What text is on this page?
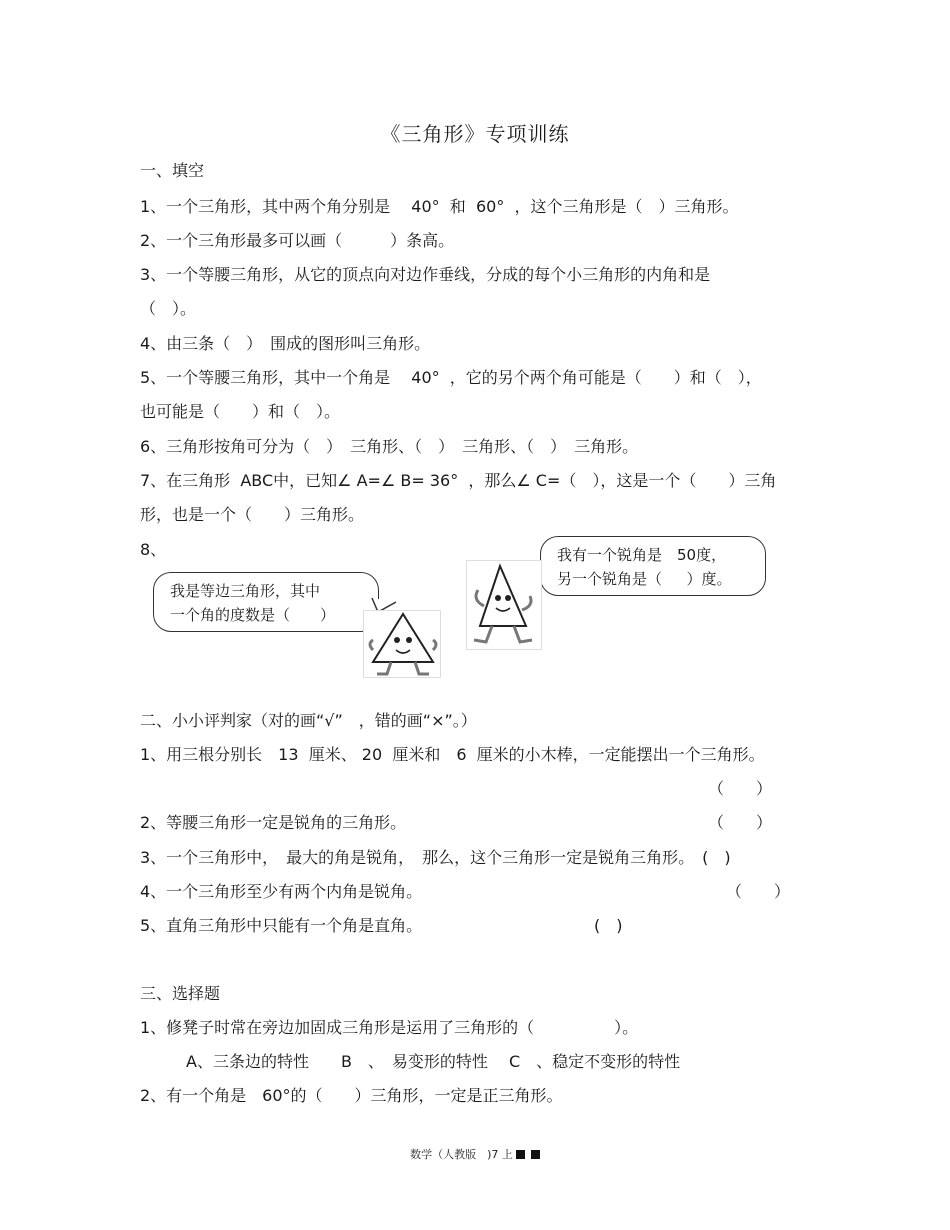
《三角形》专项训练
一、填空
1、一个三角形，其中两个角分别是　 40°  和  60°  ，这个三角形是（　）三角形。
2、一个三角形最多可以画（　　　）条高。
3、一个等腰三角形，从它的顶点向对边作垂线，分成的每个小三角形的内角和是
（　）。
4、由三条（　）　围成的图形叫三角形。
5、一个等腰三角形，其中一个角是　 40°  ，它的另个两个角可能是（　　）和（　），
也可能是（　　）和（　）。
6、三角形按角可分为（　）　三角形、（　）　三角形、（　）　三角形。
7、在三角形  ABC中，已知∠ A=∠ B= 36°  ，那么∠ C=（　），这是一个（　　）三角
形，也是一个（　　）三角形。
8、
我是等边三角形，其中
一个角的度数是（　　）
我有一个锐角是　50度，
另一个锐角是（　  ）度。
二、小小评判家（对的画“√”　，错的画“×”。）
1、用三根分别长　13  厘米、 20  厘米和　6  厘米的小木棒，一定能摆出一个三角形。
（　　）
2、等腰三角形一定是锐角的三角形。	（　　）
3、一个三角形中，　最大的角是锐角，　那么，这个三角形一定是锐角三角形。　(　)
4、一个三角形至少有两个内角是锐角。	（　　）
5、直角三角形中只能有一个角是直角。	(　)
三、选择题
1、修凳子时常在旁边加固成三角形是运用了三角形的（　　　　　）。
A、三条边的特性　　B　、　易变形的特性　 C　、稳定不变形的特性
2、有一个角是　60°的（　　）三角形，一定是正三角形。
数学（人教版　)7 上
